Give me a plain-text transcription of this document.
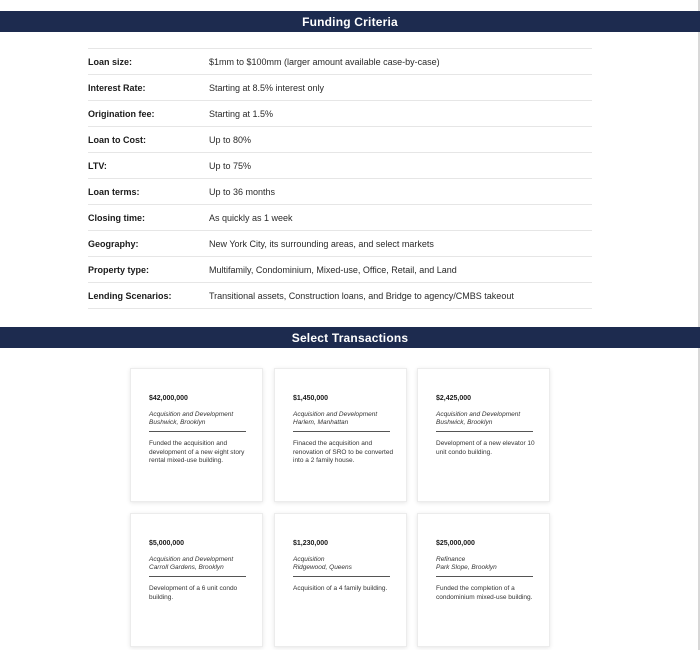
Funding Criteria
Loan size:	$1mm to $100mm (larger amount available case-by-case)
Interest Rate:	Starting at 8.5% interest only
Origination fee:	Starting at 1.5%
Loan to Cost:	Up to 80%
LTV:	Up to 75%
Loan terms:	Up to 36 months
Closing time:	As quickly as 1 week
Geography:	New York City, its surrounding areas, and select markets
Property type:	Multifamily, Condominium, Mixed-use, Office, Retail, and Land
Lending Scenarios:	Transitional assets, Construction loans, and Bridge to agency/CMBS takeout
Select Transactions
$42,000,000
Acquisition and Development
Bushwick, Brooklyn
Funded the acquisition and development of a new eight story rental mixed-use building.
$1,450,000
Acquisition and Development
Harlem, Manhattan
Finaced the acquisition and renovation of SRO to be converted into a 2 family house.
$2,425,000
Acquisition and Development
Bushwick, Brooklyn
Development of a new elevator 10 unit condo building.
$5,000,000
Acquisition and Development
Carroll Gardens, Brooklyn
Development of a 6 unit condo building.
$1,230,000
Acquisition
Ridgewood, Queens
Acquisition of a 4 family building.
$25,000,000
Refinance
Park Slope, Brooklyn
Funded the completion of a condominium mixed-use building.
